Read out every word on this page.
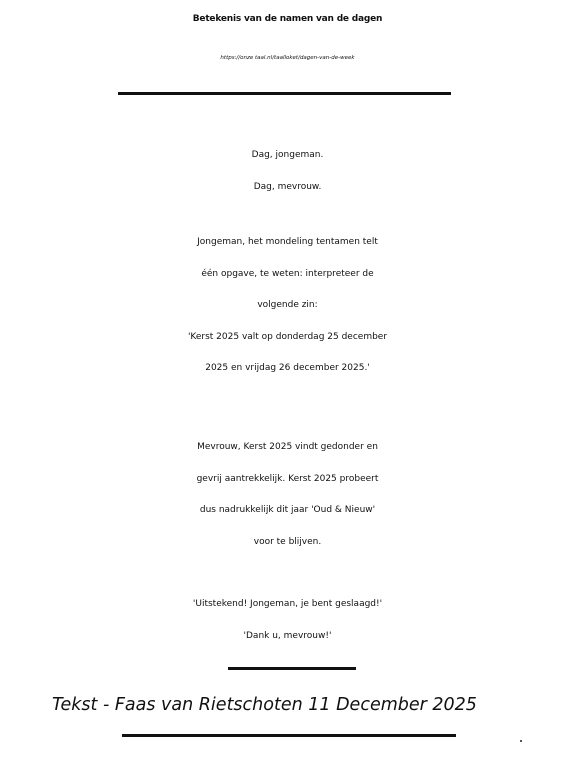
Betekenis van de namen van de dagen
https://onze taal.nl/taalloket/dagen-van-de-week
Dag, jongeman.
Dag, mevrouw.
Jongeman, het mondeling tentamen telt
één opgave, te weten: interpreteer de
volgende zin:
'Kerst 2025 valt op donderdag 25 december
2025 en vrijdag 26 december 2025.'
Mevrouw, Kerst 2025 vindt gedonder en
gevrij aantrekkelijk. Kerst 2025 probeert
dus nadrukkelijk dit jaar 'Oud & Nieuw'
voor te blijven.
'Uitstekend! Jongeman, je bent geslaagd!'
'Dank u, mevrouw!'
Tekst - Faas van Rietschoten 11 December 2025
